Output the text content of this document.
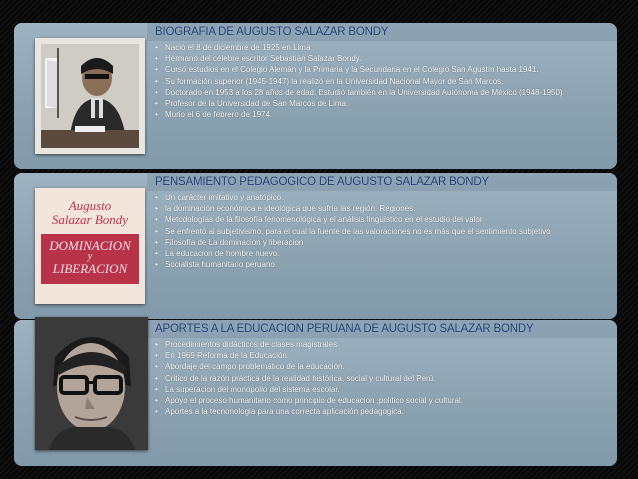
BIOGRAFIA DE AUGUSTO SALAZAR BONDY
• Nació el 8 de diciembre de 1925 en Lima
• Hermano del célebre escritor Sebastián Salazar Bondy.
• Cursó estudios en el Colegio Alemán y la Primaria y la Secundaria en el Colegio San Agustín hasta 1941.
• Su formación superior (1945-1947) la realizó en la Universidad Nacional Mayor de San Marcos.
• Doctorado en 1953 a los 28 años de edad. Estudió también en la Universidad Autónoma de México (1948-1950)
• Profesor de la Universidad de San Marcos de Lima.
• Murio el 6 de febrero de 1974.
Augusto
Salazar Bondy
DOMINACION
y
LIBERACION
PENSAMIENTO PEDAGOGICO DE AUGUSTO SALAZAR BONDY
• Un carácter imitativo y anatópico.
• la dominación económica e ideológica que sufría las región. Regiones.
• Metodologías de la filosofía fenomenológica y el análisis lingüístico en el estudio del valor
• Se enfrentó al subjetivismo, para el cual la fuente de las valoraciones no es más que el sentimiento subjetivo
• Filosofía de La dominacion y liberacion
• La educacion de hombre nuevo.
• Socialista humanitario peruano.
APORTES A LA EDUCACION PERUANA DE AUGUSTO SALAZAR BONDY
• Procedimientos didácticos de clases magistrales
• En 1969 Reforma de la Educación.
• Abordaje del campo problemático de la educación.
• Critico de la razón práctica de la realidad histórica, social y cultural del Perú.
• La superacion del monopolio del sistema escolar.
• Apoyo el proceso humanitario como principio de educacion ,politico social y cultural.
• Aportes a la tecnonologia para una correcta aplicación pedagogica.
